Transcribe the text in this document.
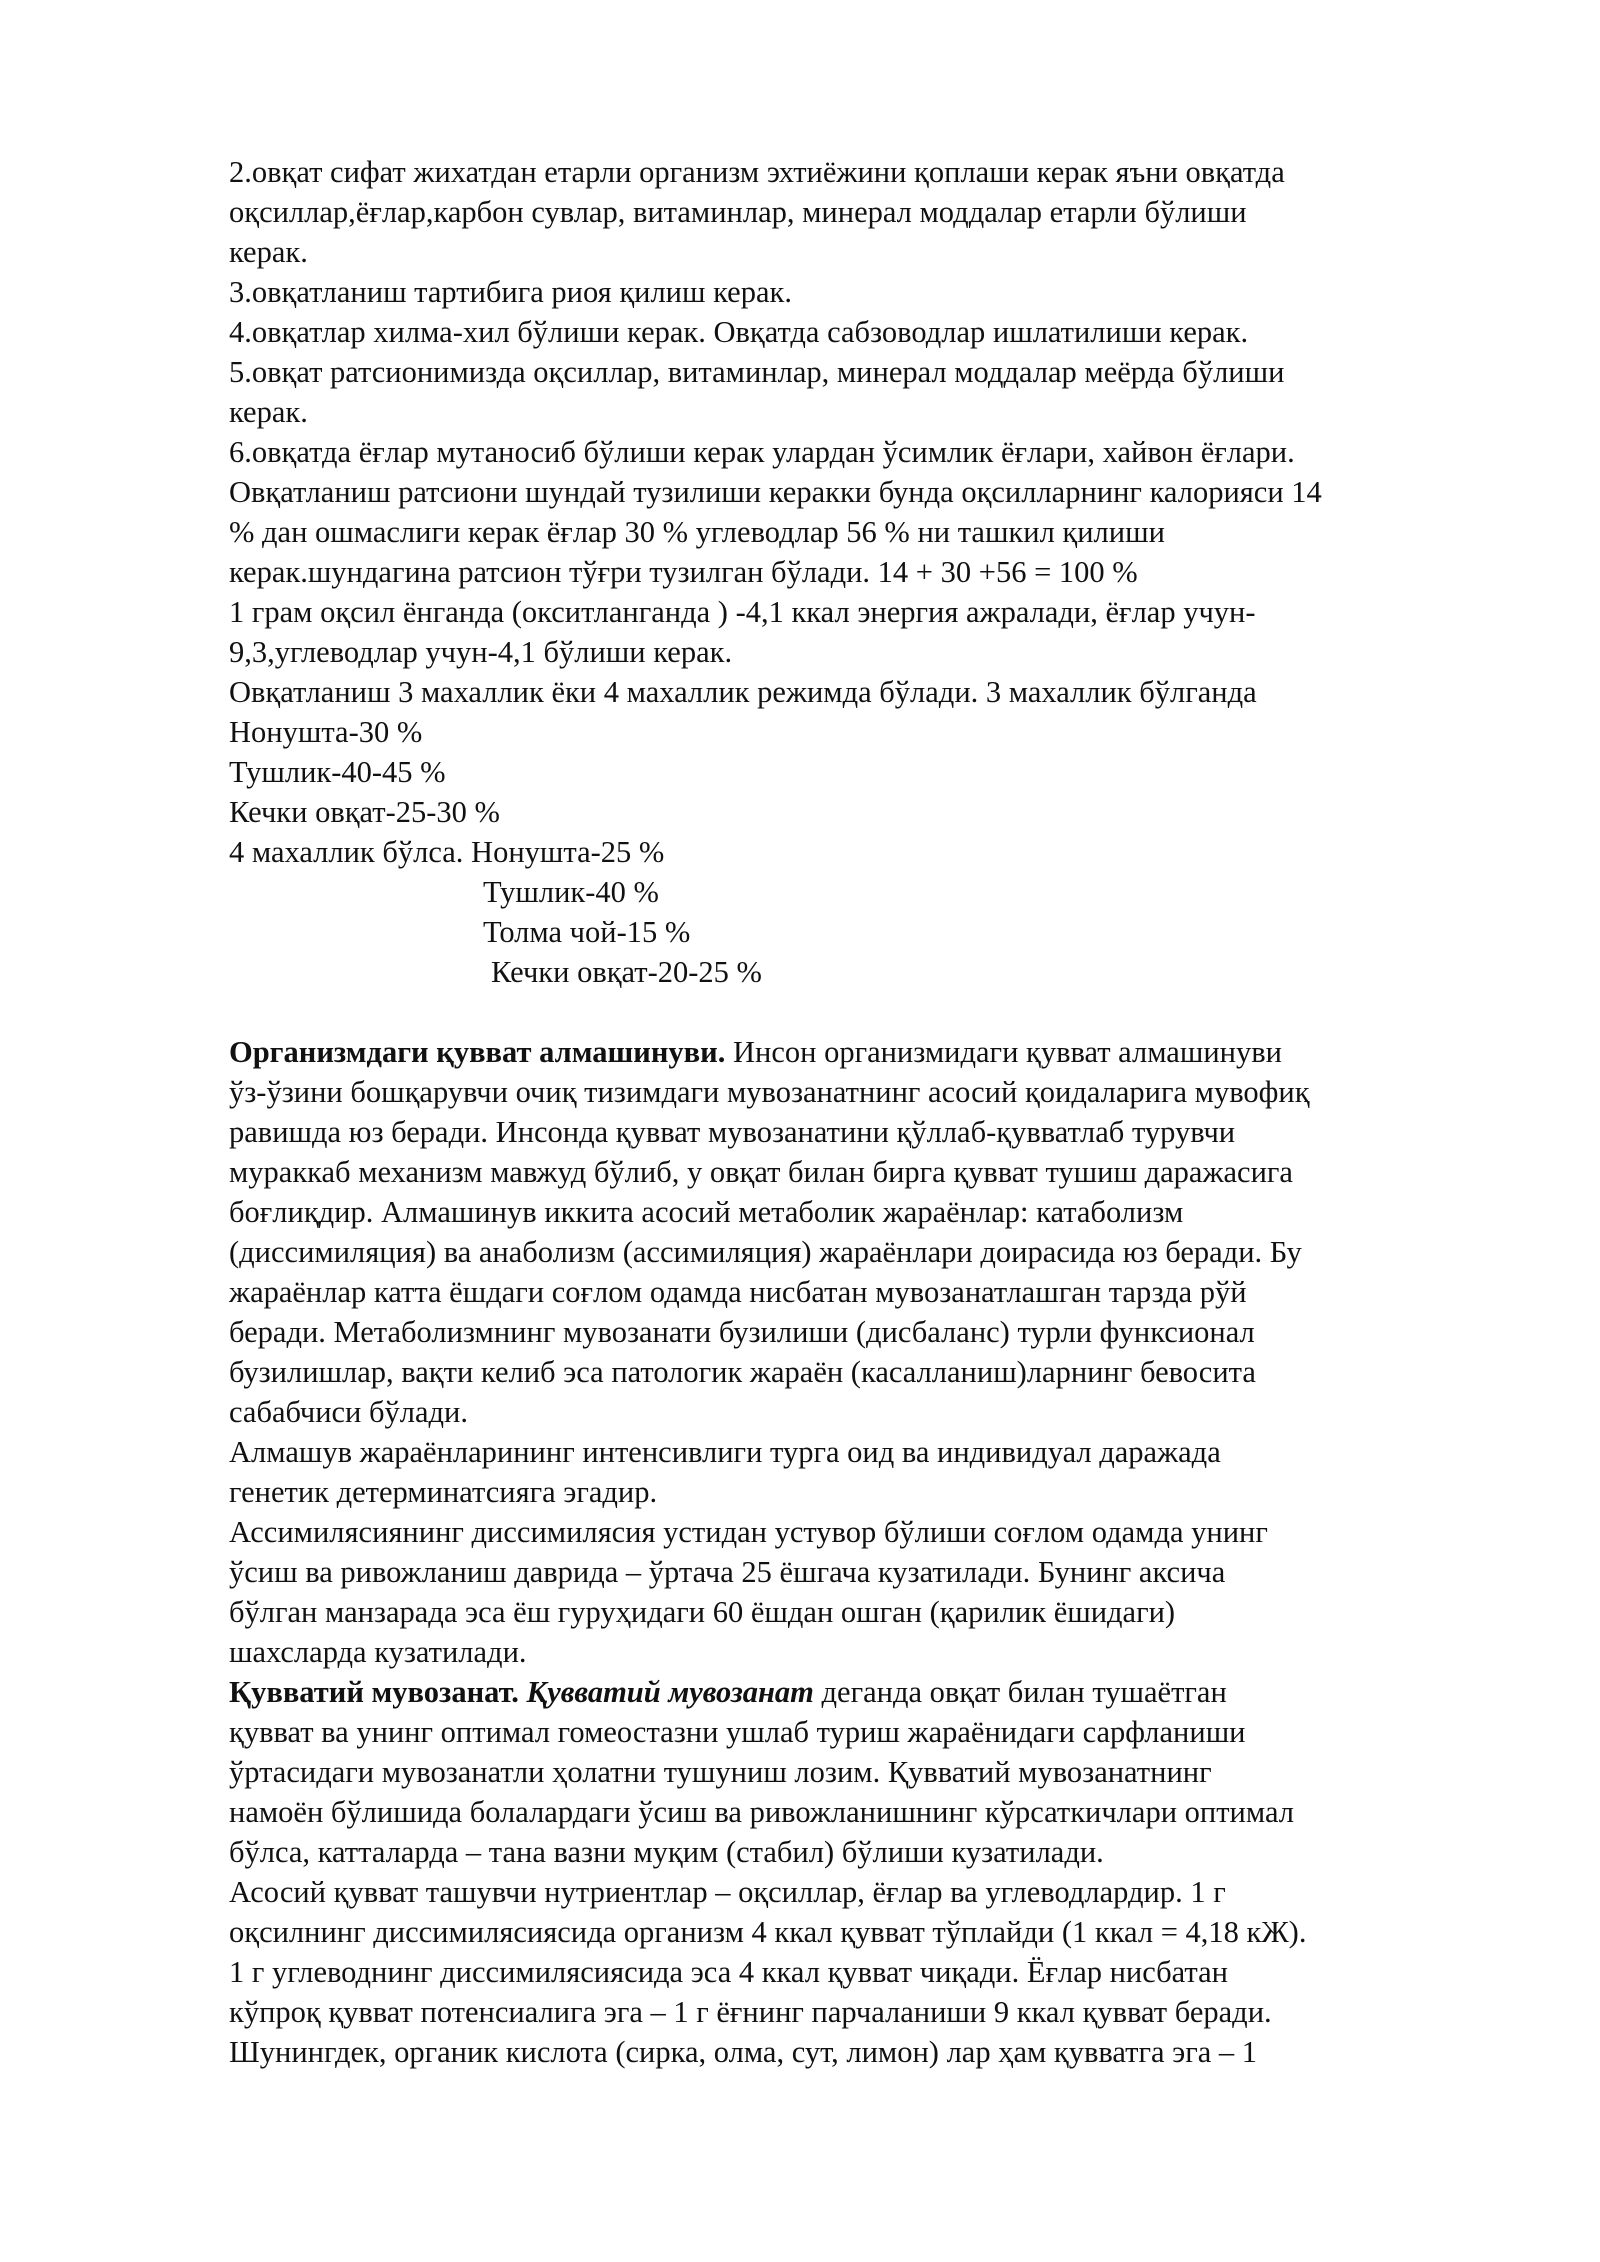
2.овқат сифат жихатдан етарли организм эхтиёжини қоплаши керак яъни овқатда
оқсиллар,ёғлар,карбон сувлар, витаминлар, минерал моддалар етарли бўлиши
керак.
3.овқатланиш тартибига риоя қилиш керак.
4.овқатлар хилма-хил бўлиши керак. Овқатда сабзоводлар ишлатилиши керак.
5.овқат ратсионимизда оқсиллар, витаминлар, минерал моддалар меёрда бўлиши
керак.
6.овқатда ёғлар мутаносиб бўлиши керак улардан ўсимлик ёғлари, хайвон ёғлари.
Овқатланиш ратсиони шундай тузилиши керакки бунда оқсилларнинг калорияси 14
% дан ошмаслиги керак ёғлар 30 % углеводлар 56 % ни ташкил қилиши
керак.шундагина ратсион тўғри тузилган бўлади. 14 + 30 +56 = 100 %
1 грам оқсил ёнганда (окситланганда ) -4,1 ккал энергия ажралади, ёғлар учун-
9,3,углеводлар учун-4,1 бўлиши керак.
Овқатланиш 3 махаллик ёки 4 махаллик режимда бўлади. 3 махаллик бўлганда
Нонушта-30 %
Тушлик-40-45 %
Кечки овқат-25-30 %
4 махаллик бўлса. Нонушта-25 %
Тушлик-40 %
Толма чой-15 %
Кечки овқат-20-25 %
Организмдаги қувват алмашинуви. Инсон организмидаги қувват алмашинуви
ўз-ўзини бошқарувчи очиқ тизимдаги мувозанатнинг асосий қоидаларига мувофиқ
равишда юз беради. Инсонда қувват мувозанатини қўллаб-қувватлаб турувчи
мураккаб механизм мавжуд бўлиб, у овқат билан бирга қувват тушиш даражасига
боғлиқдир. Алмашинув иккита асосий метаболик жараёнлар: катаболизм
(диссимиляция) ва анаболизм (ассимиляция) жараёнлари доирасида юз беради. Бу
жараёнлар катта ёшдаги соғлом одамда нисбатан мувозанатлашган тарзда рўй
беради. Метаболизмнинг мувозанати бузилиши (дисбаланс) турли функсионал
бузилишлар, вақти келиб эса патологик жараён (касалланиш)ларнинг бевосита
сабабчиси бўлади.
Алмашув жараёнларининг интенсивлиги турга оид ва индивидуал даражада
генетик детерминатсияга эгадир.
Ассимилясиянинг диссимилясия устидан устувор бўлиши соғлом одамда унинг
ўсиш ва ривожланиш даврида – ўртача 25 ёшгача кузатилади. Бунинг аксича
бўлган манзарада эса ёш гуруҳидаги 60 ёшдан ошган (қарилик ёшидаги)
шахсларда кузатилади.
Қувватий мувозанат. Қувватий мувозанат деганда овқат билан тушаётган
қувват ва унинг оптимал гомеостазни ушлаб туриш жараёнидаги сарфланиши
ўртасидаги мувозанатли ҳолатни тушуниш лозим. Қувватий мувозанатнинг
намоён бўлишида болалардаги ўсиш ва ривожланишнинг кўрсаткичлари оптимал
бўлса, катталарда – тана вазни муқим (стабил) бўлиши кузатилади.
Асосий қувват ташувчи нутриентлар – оқсиллар, ёғлар ва углеводлардир. 1 г
оқсилнинг диссимилясиясида организм 4 ккал қувват тўплайди (1 ккал = 4,18 кЖ).
1 г углеводнинг диссимилясиясида эса 4 ккал қувват чиқади. Ёғлар нисбатан
кўпроқ қувват потенсиалига эга – 1 г ёғнинг парчаланиши 9 ккал қувват беради.
Шунингдек, органик кислота (сирка, олма, сут, лимон) лар ҳам қувватга эга – 1
